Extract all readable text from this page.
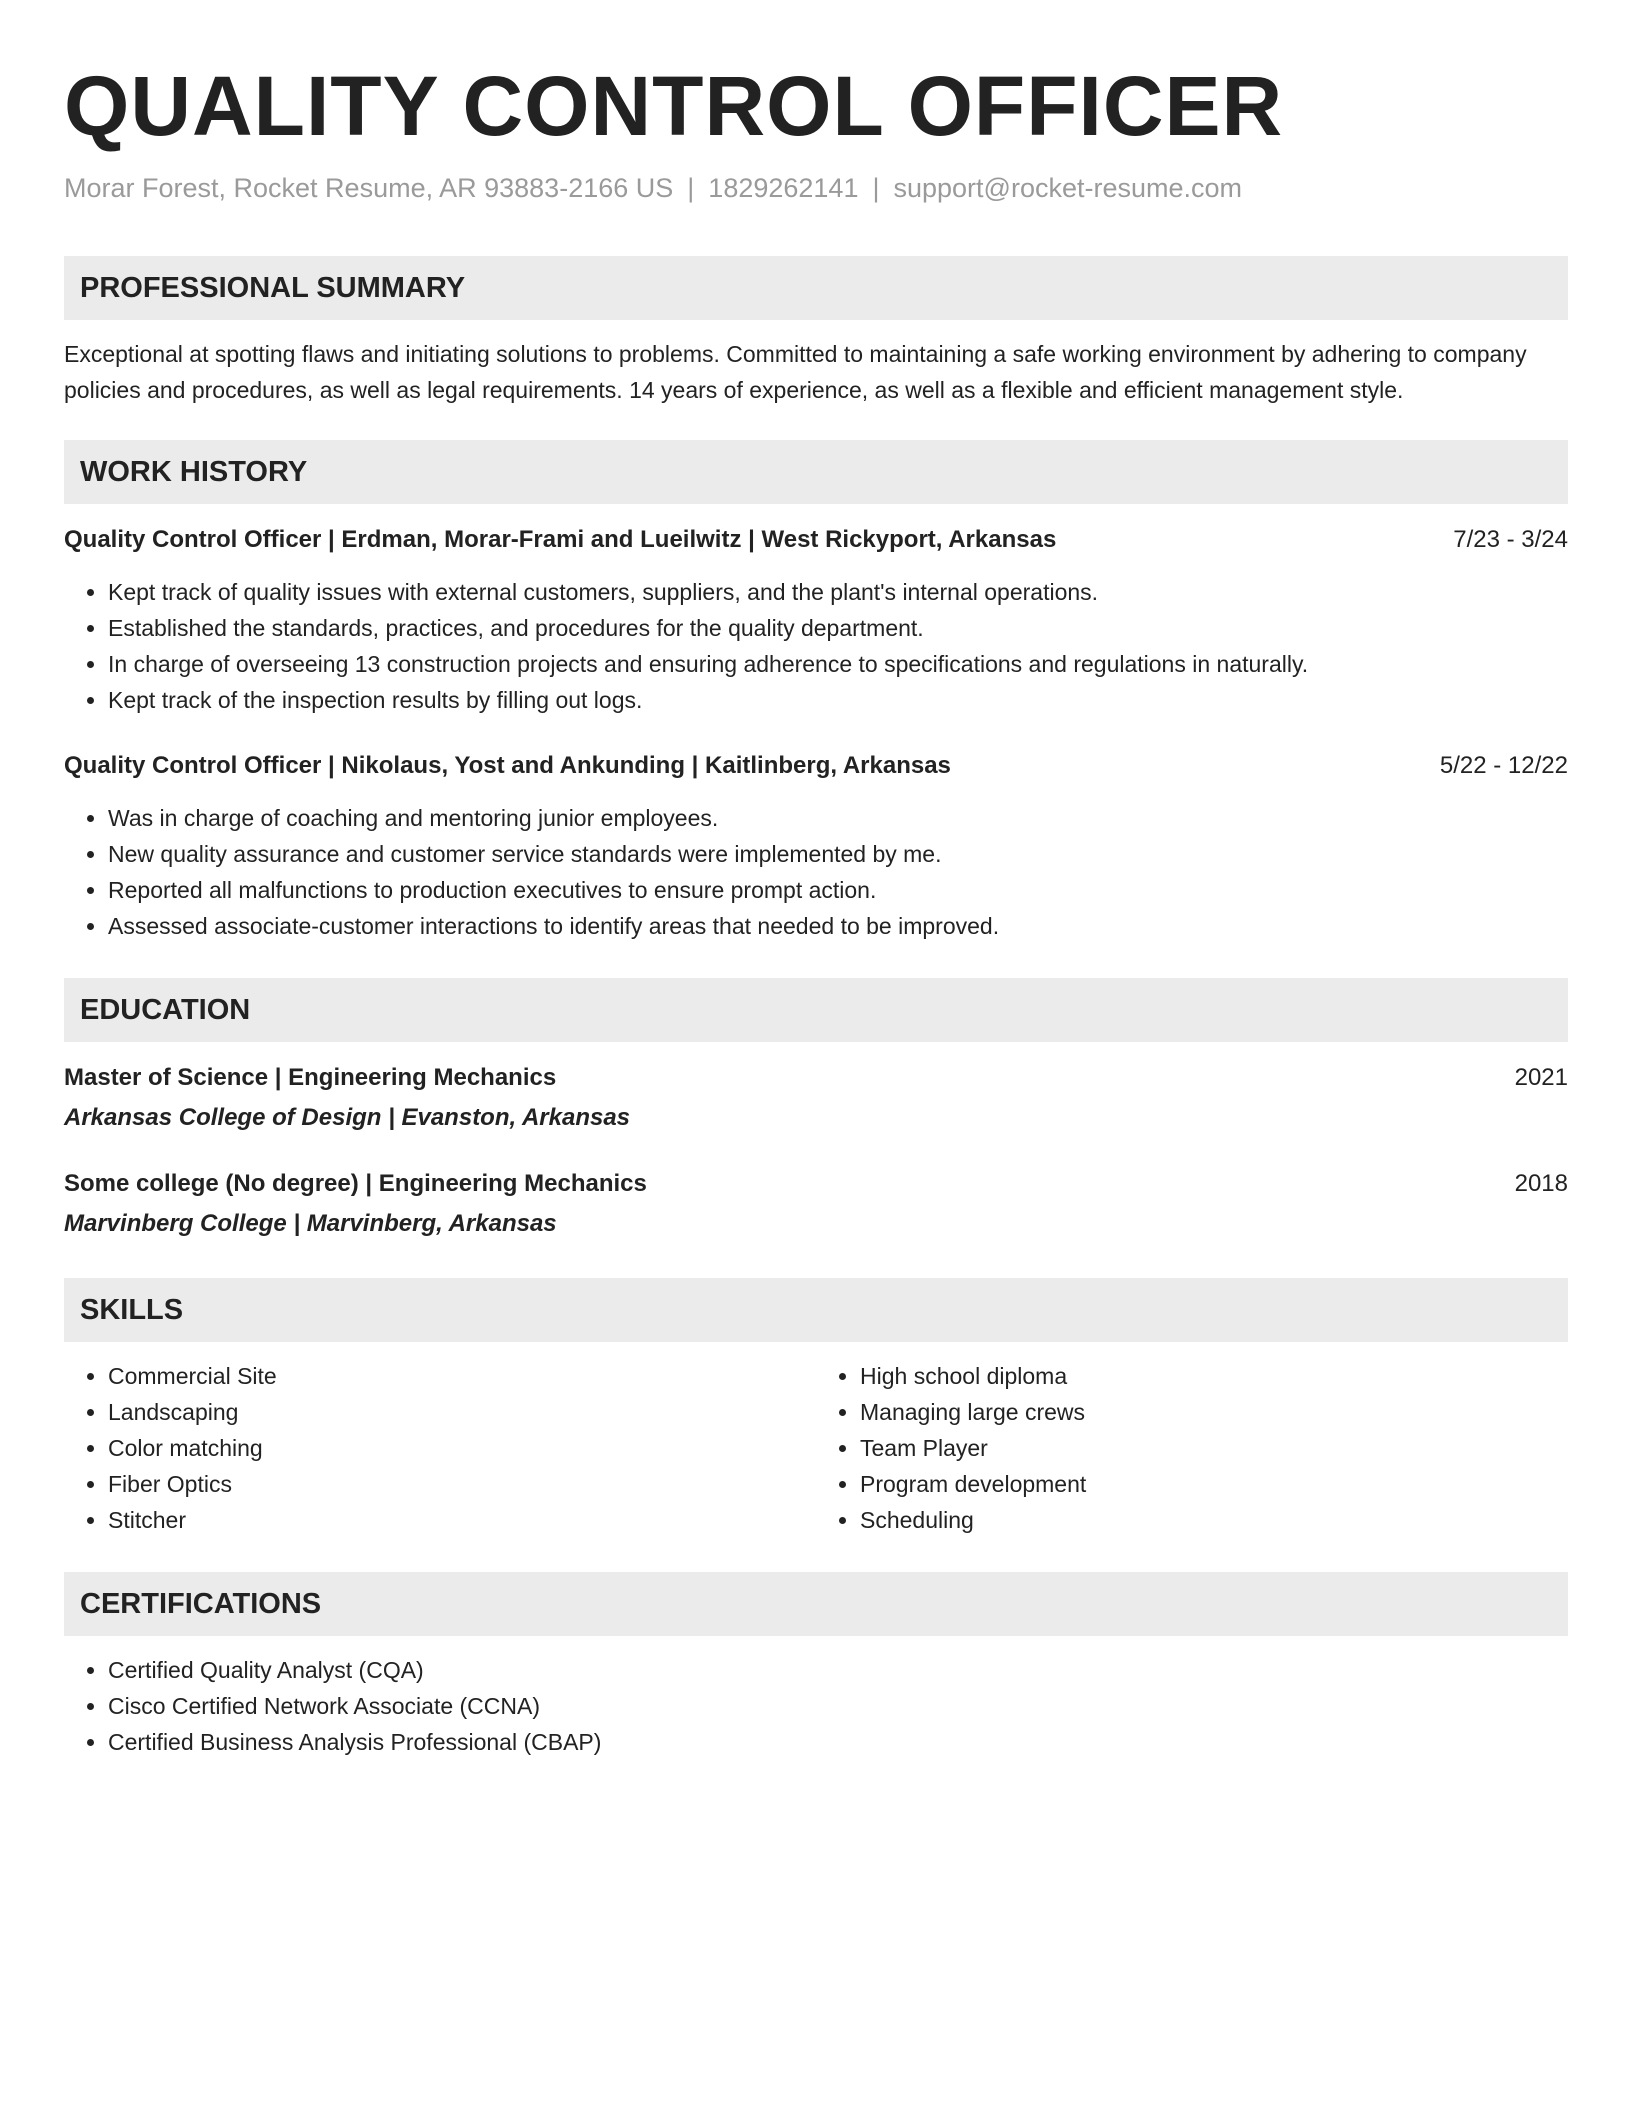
QUALITY CONTROL OFFICER
Morar Forest, Rocket Resume, AR 93883-2166 US | 1829262141 | support@rocket-resume.com
PROFESSIONAL SUMMARY

Exceptional at spotting flaws and initiating solutions to problems. Committed to maintaining a safe working environment by adhering to company policies and procedures, as well as legal requirements. 14 years of experience, as well as a flexible and efficient management style.

WORK HISTORY
Quality Control Officer | Erdman, Morar-Frami and Lueilwitz | West Rickyport, Arkansas	7/23 - 3/24
• Kept track of quality issues with external customers, suppliers, and the plant's internal operations.
• Established the standards, practices, and procedures for the quality department.
• In charge of overseeing 13 construction projects and ensuring adherence to specifications and regulations in naturally.
• Kept track of the inspection results by filling out logs.
Quality Control Officer | Nikolaus, Yost and Ankunding | Kaitlinberg, Arkansas	5/22 - 12/22
• Was in charge of coaching and mentoring junior employees.
• New quality assurance and customer service standards were implemented by me.
• Reported all malfunctions to production executives to ensure prompt action.
• Assessed associate-customer interactions to identify areas that needed to be improved.
EDUCATION
Master of Science | Engineering Mechanics	2021
Arkansas College of Design | Evanston, Arkansas
Some college (No degree) | Engineering Mechanics	2018
Marvinberg College | Marvinberg, Arkansas
SKILLS
• Commercial Site
• Landscaping
• Color matching
• Fiber Optics
• Stitcher
• High school diploma
• Managing large crews
• Team Player
• Program development
• Scheduling
CERTIFICATIONS
• Certified Quality Analyst (CQA)
• Cisco Certified Network Associate (CCNA)
• Certified Business Analysis Professional (CBAP)
